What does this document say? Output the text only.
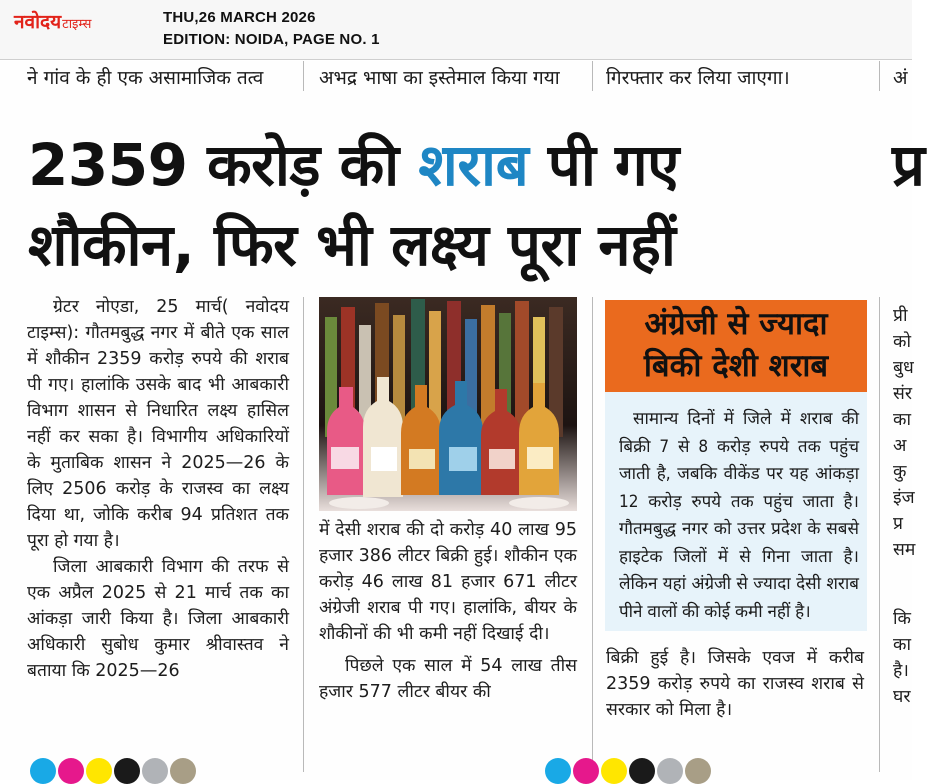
नवोदय टाइम्स	THU,26 MARCH 2026
EDITION: NOIDA, PAGE NO. 1
ने गांव के ही एक असामाजिक तत्व	अभद्र भाषा का इस्तेमाल किया गया गिरफ्तार कर लिया जाएगा।	अं
2359 करोड़ की शराब पी गए
शौकीन, फिर भी लक्ष्य पूरा नहीं
प्र

ग्रेटर नोएडा, 25 मार्च( नवोदय टाइम्स): गौतमबुद्ध नगर में बीते एक साल में शौकीन 2359 करोड़ रुपये की शराब पी गए। हालांकि उसके बाद भी आबकारी विभाग शासन से निधारित लक्ष्य हासिल नहीं कर सका है। विभागीय अधिकारियों के मुताबिक शासन ने 2025—26 के लिए 2506 करोड़ के राजस्व का लक्ष्य दिया था, जोकि करीब 94 प्रतिशत तक पूरा हो गया है।

जिला आबकारी विभाग की तरफ से एक अप्रैल 2025 से 21 मार्च तक का आंकड़ा जारी किया है। जिला आबकारी अधिकारी सुबोध कुमार श्रीवास्तव ने बताया कि 2025—26

में देसी शराब की दो करोड़ 40 लाख 95 हजार 386 लीटर बिक्री हुई। शौकीन एक करोड़ 46 लाख 81 हजार 671 लीटर अंग्रेजी शराब पी गए। हालांकि, बीयर के शौकीनों की भी कमी नहीं दिखाई दी।

पिछले एक साल में 54 लाख तीस हजार 577 लीटर बीयर की

अंग्रेजी से ज्यादा
बिकी देशी शराब
सामान्य दिनों में जिले में शराब की बिक्री 7 से 8 करोड़ रुपये तक पहुंच जाती है, जबकि वीकेंड पर यह आंकड़ा 12 करोड़ रुपये तक पहुंच जाता है। गौतमबुद्ध नगर को उत्तर प्रदेश के सबसे हाइटेक जिलों में से गिना जाता है। लेकिन यहां अंग्रेजी से ज्यादा देसी शराब पीने वालों की कोई कमी नहीं है।
बिक्री हुई है। जिसके एवज में करीब 2359 करोड़ रुपये का राजस्व शराब से सरकार को मिला है।
प्री
को
बुध
संर
का
अ
कु
इंज
प्र
सम
कि
का
है।
घर
